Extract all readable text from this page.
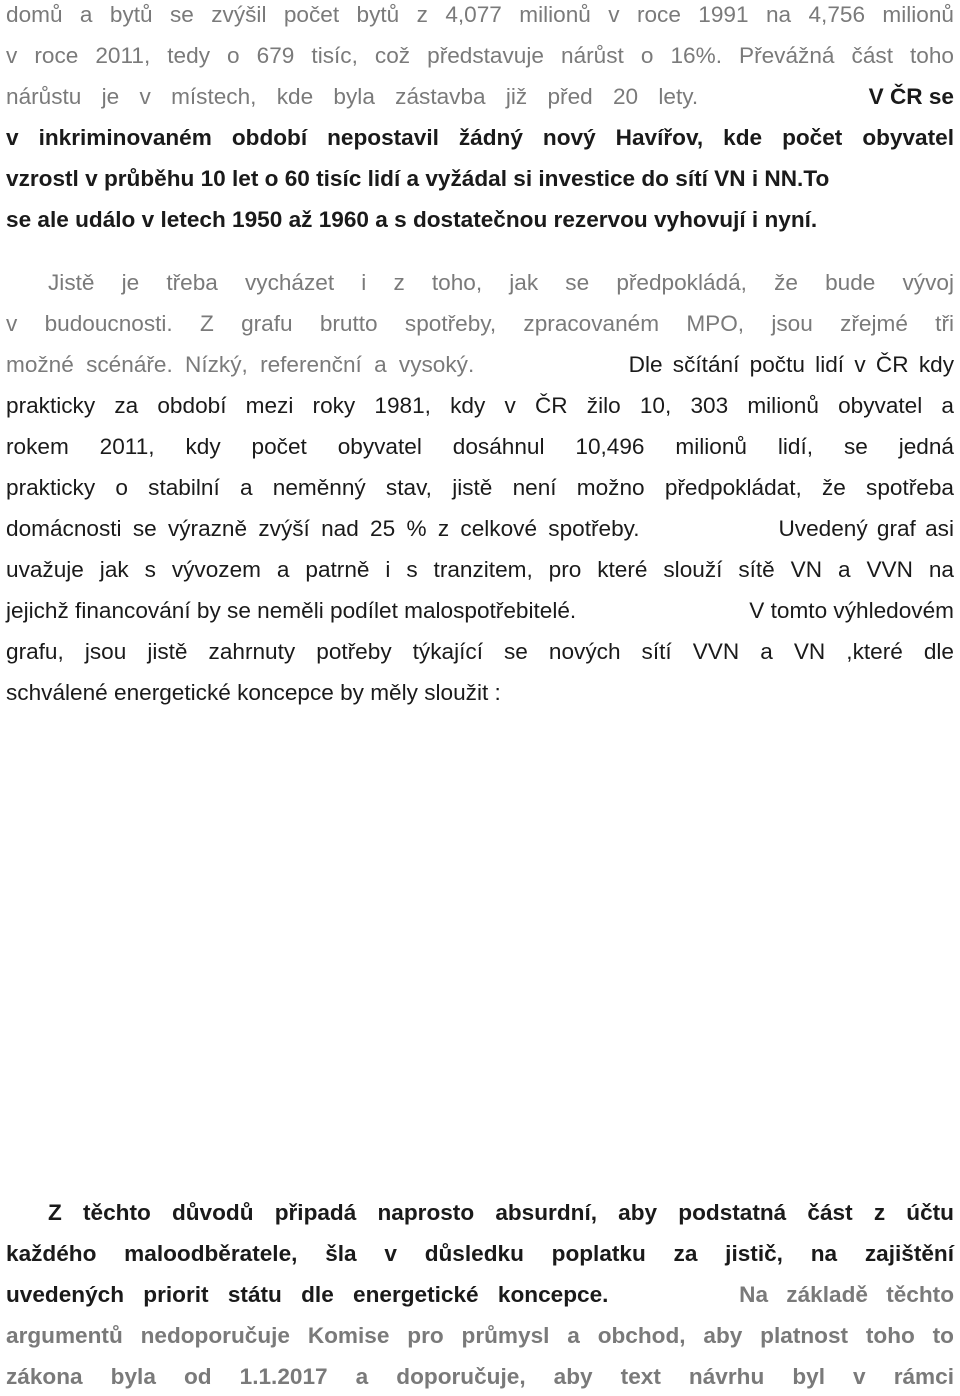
domů a bytů se zvýšil počet bytů z 4,077 milionů v roce 1991 na 4,756 milionů
v roce 2011, tedy o 679 tisíc, což představuje nárůst o 16%. Převážná část toho
nárůstu je v místech, kde byla zástavba již před 20 lety.	V ČR se
v inkriminovaném období nepostavil žádný nový Havířov, kde počet obyvatel
vzrostl v průběhu 10 let o 60 tisíc lidí a vyžádal si investice do sítí VN i NN.To
se ale událo v letech 1950 až 1960 a s dostatečnou rezervou vyhovují i nyní.
Jistě je třeba vycházet i z toho, jak se předpokládá, že bude vývoj
v budoucnosti. Z grafu brutto spotřeby, zpracovaném MPO, jsou zřejmé tři
možné scénáře. Nízký, referenční a vysoký.	Dle sčítání počtu lidí v ČR kdy
prakticky za období mezi roky 1981, kdy v ČR žilo 10, 303 milionů obyvatel a
rokem 2011, kdy počet obyvatel dosáhnul 10,496 milionů lidí, se jedná
prakticky o stabilní a neměnný stav, jistě není možno předpokládat, že spotřeba
domácnosti se výrazně zvýší nad 25 % z celkové spotřeby.	Uvedený graf asi
uvažuje jak s vývozem a patrně i s tranzitem, pro které slouží sítě VN a VVN na
jejichž financování by se neměli podílet malospotřebitelé.	V tomto výhledovém
grafu, jsou jistě zahrnuty potřeby týkající se nových sítí VVN a VN ,které dle
schválené energetické koncepce by měly sloužit :
Z těchto důvodů připadá naprosto absurdní, aby podstatná část z účtu
každého maloodběratele, šla v důsledku poplatku za jistič, na zajištění
uvedených priorit státu dle energetické koncepce.	Na základě těchto
argumentů nedoporučuje Komise pro průmysl a obchod, aby platnost toho to
zákona byla od 1.1.2017 a doporučuje, aby text návrhu byl v rámci
